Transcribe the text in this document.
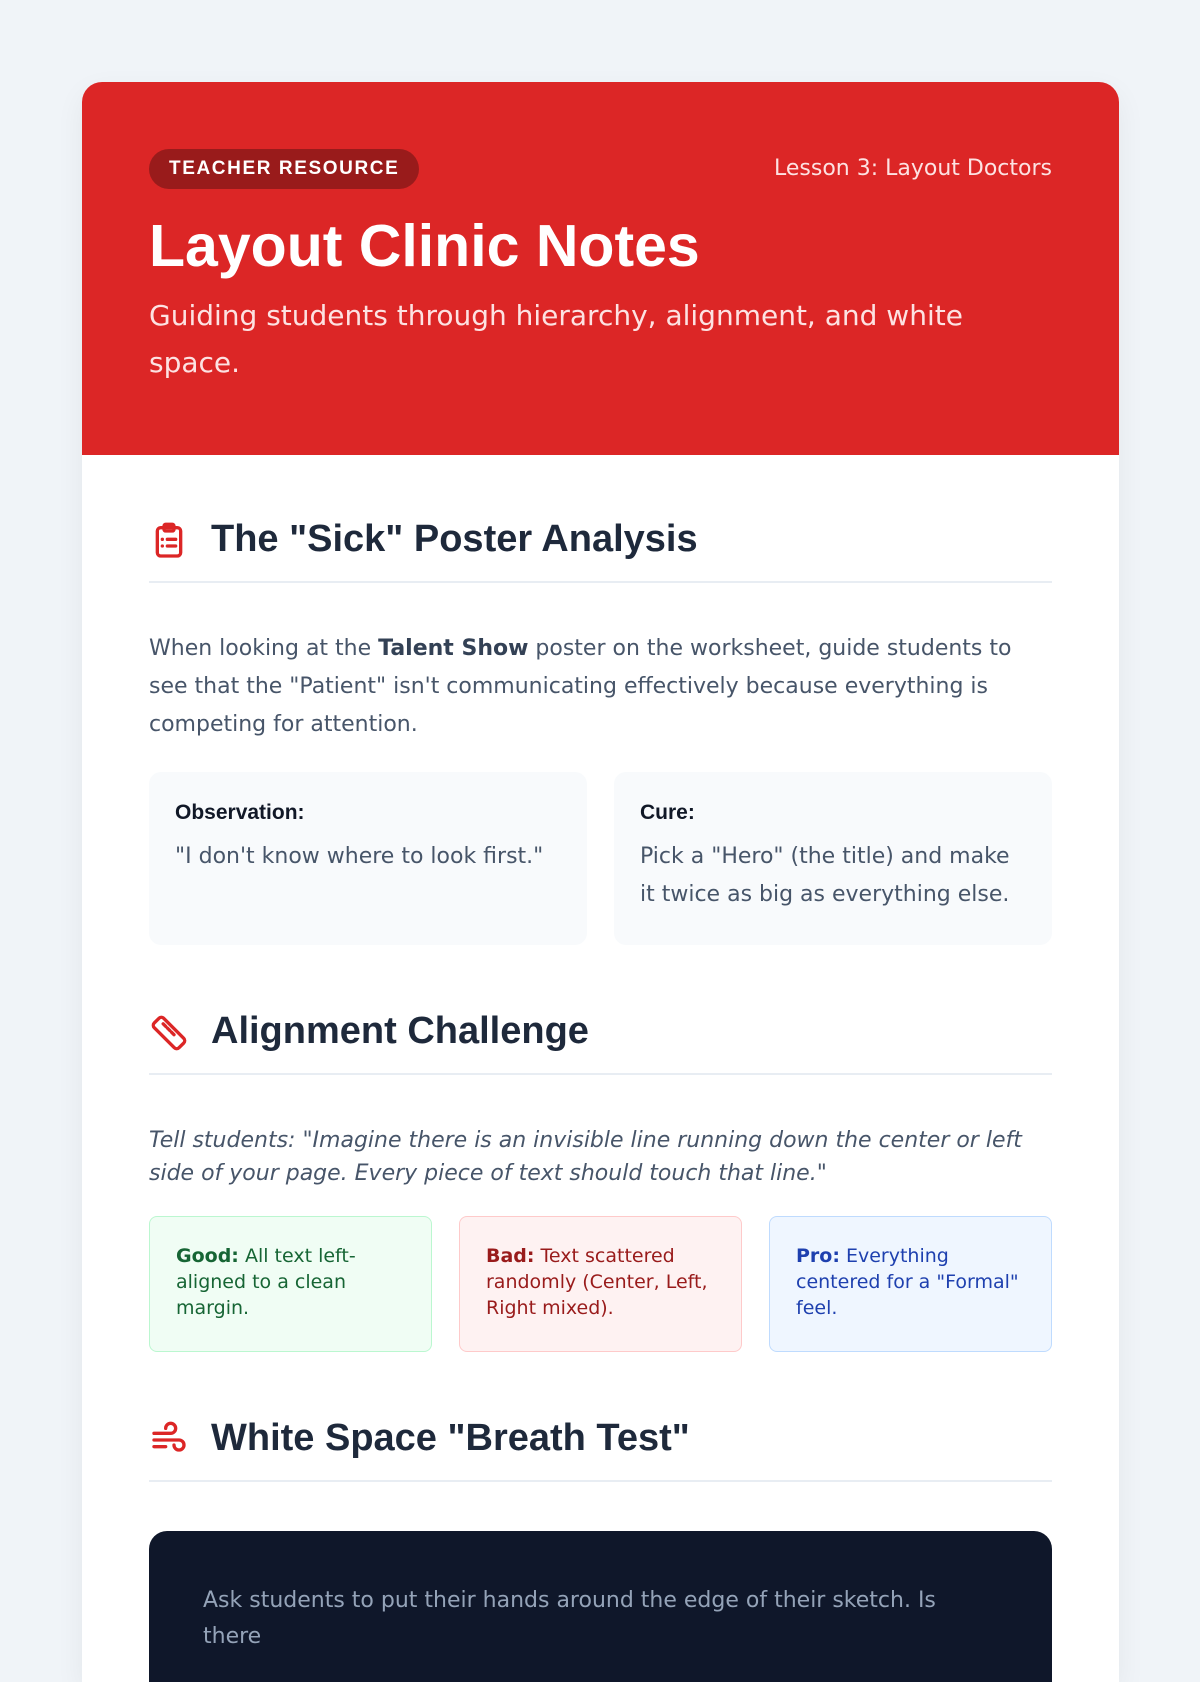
TEACHER RESOURCE	Lesson 3: Layout Doctors
Layout Clinic Notes

Guiding students through hierarchy, alignment, and white space.

The "Sick" Poster Analysis

When looking at the Talent Show poster on the worksheet, guide students to see that the "Patient" isn't communicating effectively because everything is competing for attention.

Observation:
"I don't know where to look first."
Cure:
Pick a "Hero" (the title) and make it twice as big as everything else.
Alignment Challenge

Tell students: "Imagine there is an invisible line running down the center or left side of your page. Every piece of text should touch that line."

Good: All text left-aligned to a clean margin.
Bad: Text scattered randomly (Center, Left, Right mixed).
Pro: Everything centered for a "Formal" feel.
White Space "Breath Test"
Ask students to put their hands around the edge of their sketch. Is there
